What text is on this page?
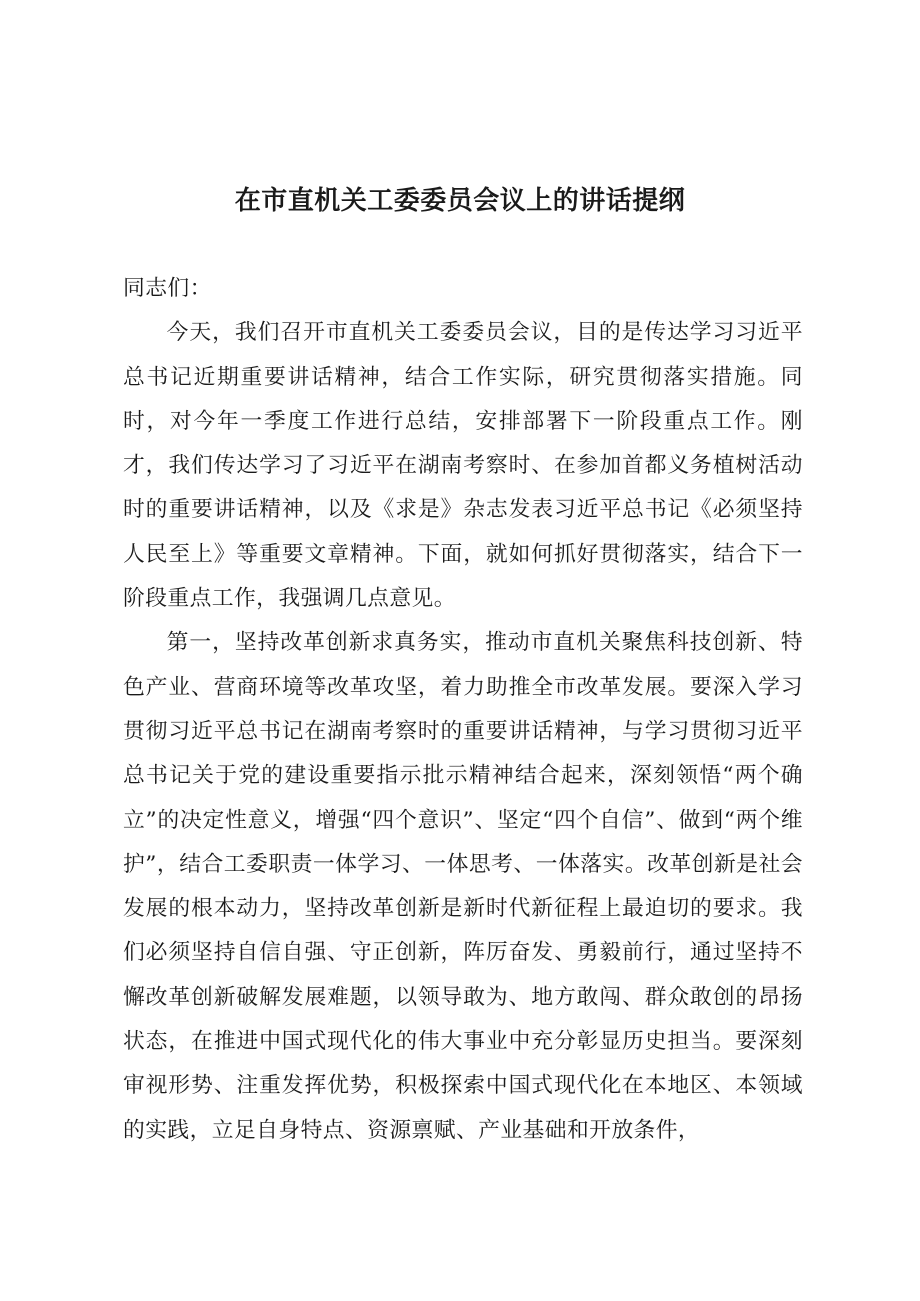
在市直机关工委委员会议上的讲话提纲

同志们：

今天，我们召开市直机关工委委员会议，目的是传达学习习近平总书记近期重要讲话精神，结合工作实际，研究贯彻落实措施。同时，对今年一季度工作进行总结，安排部署下一阶段重点工作。刚才，我们传达学习了习近平在湖南考察时、在参加首都义务植树活动时的重要讲话精神，以及《求是》杂志发表习近平总书记《必须坚持人民至上》等重要文章精神。下面，就如何抓好贯彻落实，结合下一阶段重点工作，我强调几点意见。

第一，坚持改革创新求真务实，推动市直机关聚焦科技创新、特色产业、营商环境等改革攻坚，着力助推全市改革发展。要深入学习贯彻习近平总书记在湖南考察时的重要讲话精神，与学习贯彻习近平总书记关于党的建设重要指示批示精神结合起来，深刻领悟“两个确立”的决定性意义，增强“四个意识”、坚定“四个自信”、做到“两个维护”，结合工委职责一体学习、一体思考、一体落实。改革创新是社会发展的根本动力，坚持改革创新是新时代新征程上最迫切的要求。我们必须坚持自信自强、守正创新，阵厉奋发、勇毅前行，通过坚持不懈改革创新破解发展难题，以领导敢为、地方敢闯、群众敢创的昂扬状态，在推进中国式现代化的伟大事业中充分彰显历史担当。要深刻审视形势、注重发挥优势，积极探索中国式现代化在本地区、本领域的实践，立足自身特点、资源禀赋、产业基础和开放条件，
